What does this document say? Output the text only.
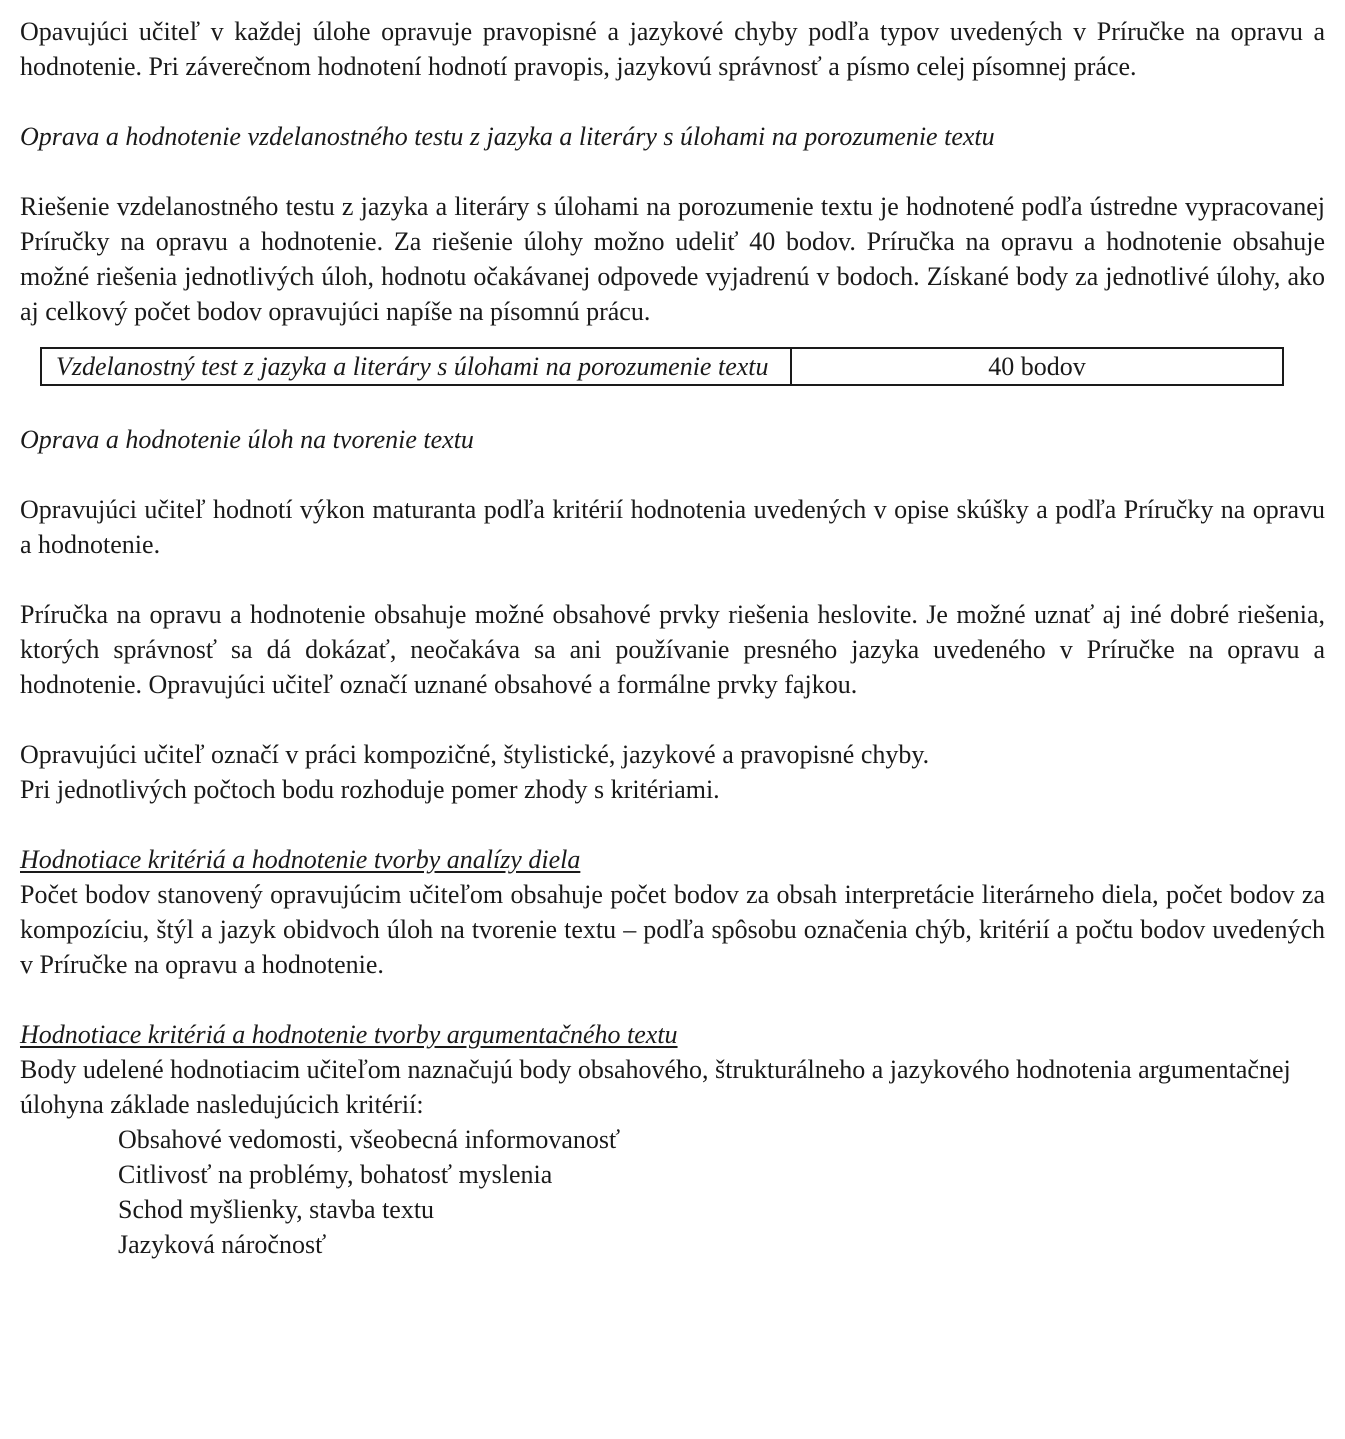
Opavujúci učiteľ v každej úlohe opravuje pravopisné a jazykové chyby podľa typov uvedených v Príručke na opravu a hodnotenie. Pri záverečnom hodnotení hodnotí pravopis, jazykovú správnosť a písmo celej písomnej práce.

Oprava a hodnotenie vzdelanostného testu z jazyka a literáry s úlohami na porozumenie textu

Riešenie vzdelanostného testu z jazyka a literáry s úlohami na porozumenie textu je hodnotené podľa ústredne vypracovanej Príručky na opravu a hodnotenie. Za riešenie úlohy možno udeliť 40 bodov. Príručka na opravu a hodnotenie obsahuje možné riešenia jednotlivých úloh, hodnotu očakávanej odpovede vyjadrenú v bodoch. Získané body za jednotlivé úlohy, ako aj celkový počet bodov opravujúci napíše na písomnú prácu.

Vzdelanostný test z jazyka a literáry s úlohami na porozumenie textu	40 bodov

Oprava a hodnotenie úloh na tvorenie textu

Opravujúci učiteľ hodnotí výkon maturanta podľa kritérií hodnotenia uvedených v opise skúšky a podľa Príručky na opravu a hodnotenie.

Príručka na opravu a hodnotenie obsahuje možné obsahové prvky riešenia heslovite. Je možné uznať aj iné dobré riešenia, ktorých správnosť sa dá dokázať, neočakáva sa ani používanie presného jazyka uvedeného v Príručke na opravu a hodnotenie. Opravujúci učiteľ označí uznané obsahové a formálne prvky fajkou.

Opravujúci učiteľ označí v práci kompozičné, štylistické, jazykové a pravopisné chyby.

Pri jednotlivých počtoch bodu rozhoduje pomer zhody s kritériami.

Hodnotiace kritériá a hodnotenie tvorby analízy diela

Počet bodov stanovený opravujúcim učiteľom obsahuje počet bodov za obsah interpretácie literárneho diela, počet bodov za kompozíciu, štýl a jazyk obidvoch úloh na tvorenie textu – podľa spôsobu označenia chýb, kritérií a počtu bodov uvedených v Príručke na opravu a hodnotenie.

Hodnotiace kritériá a hodnotenie tvorby argumentačného textu

Body udelené hodnotiacim učiteľom naznačujú body obsahového, štrukturálneho a jazykového hodnotenia argumentačnej úlohyna základe nasledujúcich kritérií:

Obsahové vedomosti, všeobecná informovanosť
Citlivosť na problémy, bohatosť myslenia
Schod myšlienky, stavba textu
Jazyková náročnosť
